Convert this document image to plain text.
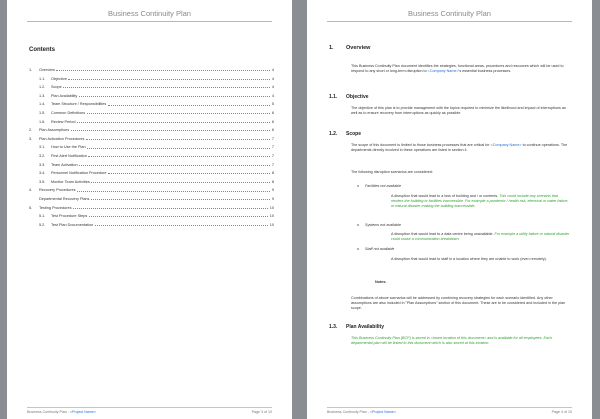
Business Continuity Plan
Contents
1.	Overview	4
1.1.	Objective	4
1.2.	Scope	4
1.3.	Plan Availability	4
1.4.	Team Structure / Responsibilities	5
1.5.	Common Definitions	6
1.6.	Review Period	6
2.	Plan Assumptions	6
3.	Plan Activation Procedures	7
3.1.	How to Use the Plan	7
3.2.	First Alert Notification	7
3.3.	Team Activation	7
3.4.	Personnel Notification Procedure	8
3.5.	Monitor Team Activities	8
4.	Recovery Procedures	9
Departmental Recovery Plans	9
5.	Testing Procedures	10
5.1.	Test Procedure Steps	10
5.2.	Test Plan Documentation	10
Business Continuity Plan - <Project Name>	Page 3 of 10
Business Continuity Plan
1. Overview
This Business Continuity Plan document identifies the strategies, functional areas, procedures and resources which will be used to respond to any short or long-term disruption to <Company Name>'s essential business processes.
1.1. Objective
The objective of this plan is to provide management with the topics required to minimize the likelihood and impact of interruptions as well as to ensure recovery from interruptions as quickly as possible.
1.2. Scope
The scope of this document is limited to those business processes that are critical for <Company Name> to continue operations. The departments directly involved in these operations are listed in section 4.
The following disruption scenarios are considered:
o Facilities not available
A disruption that would lead to a loss of building and / or contents. This could include any scenario that renders the building or facilities inaccessible. For example a pandemic / health risk, electrical or water failure, or natural disaster making the building inaccessible.
o Systems not available
A disruption that would lead to a data centre being unavailable. For example a utility failure or natural disaster could cause a communication breakdown.
o Staff not available
A disruption that would lead to staff in a location where they are unable to work (even remotely).
Notes:
Combinations of above scenarios will be addressed by combining recovery strategies for each scenario identified. Any other assumptions are also included in "Plan Assumptions" section of this document. These are to be considered and included in the plan scope.
1.3. Plan Availability
This Business Continuity Plan (BCP) is stored in <Insert location of this document> and is available for all employees. Each departmental plan will be linked to this document which is also stored at this location.
Business Continuity Plan - <Project Name>	Page 4 of 10
